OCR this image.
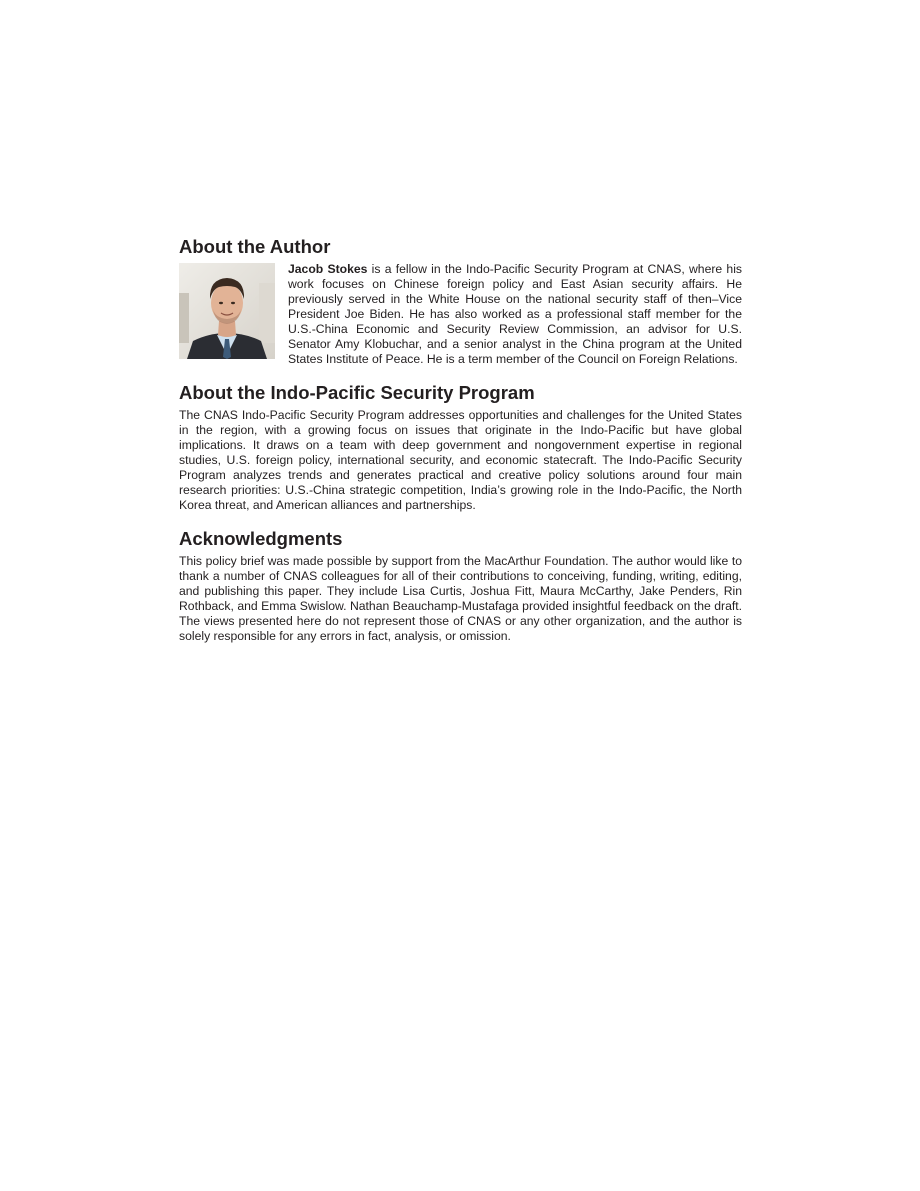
About the Author

Jacob Stokes is a fellow in the Indo-Pacific Security Program at CNAS, where his work focuses on Chinese foreign policy and East Asian security affairs. He previously served in the White House on the national security staff of then–Vice President Joe Biden. He has also worked as a professional staff member for the U.S.-China Economic and Security Review Commission, an advisor for U.S. Senator Amy Klobuchar, and a senior analyst in the China program at the United States Institute of Peace. He is a term member of the Council on Foreign Relations.

About the Indo-Pacific Security Program

The CNAS Indo-Pacific Security Program addresses opportunities and challenges for the United States in the region, with a growing focus on issues that originate in the Indo-Pacific but have global implications. It draws on a team with deep government and nongovernment expertise in regional studies, U.S. foreign policy, international security, and economic statecraft. The Indo-Pacific Security Program analyzes trends and generates practical and creative policy solutions around four main research priorities: U.S.-China strategic competition, India’s growing role in the Indo-Pacific, the North Korea threat, and American alliances and partnerships.

Acknowledgments

This policy brief was made possible by support from the MacArthur Foundation. The author would like to thank a number of CNAS colleagues for all of their contributions to conceiving, funding, writing, editing, and publishing this paper. They include Lisa Curtis, Joshua Fitt, Maura McCarthy, Jake Penders, Rin Rothback, and Emma Swislow. Nathan Beauchamp-Mustafaga provided insightful feedback on the draft. The views presented here do not represent those of CNAS or any other organization, and the author is solely responsible for any errors in fact, analysis, or omission.
